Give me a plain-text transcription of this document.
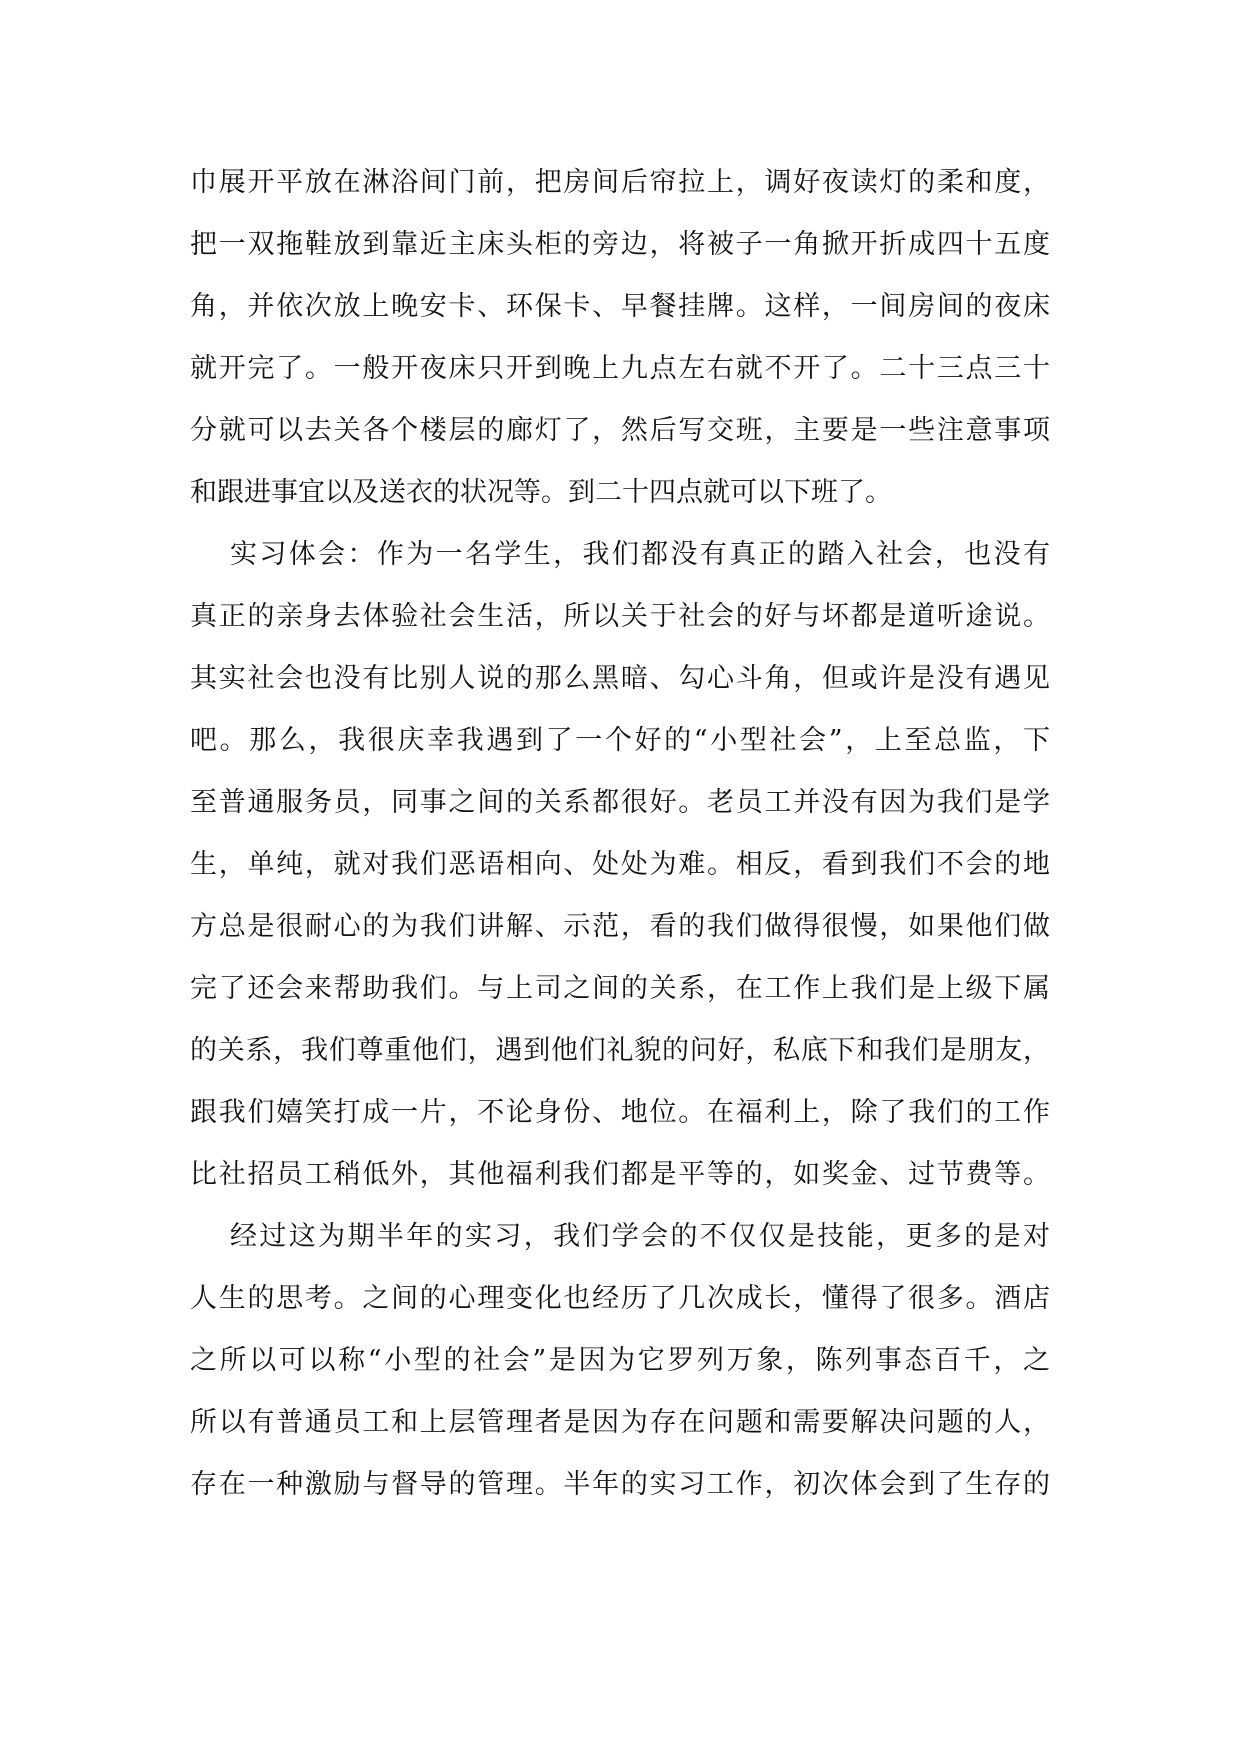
巾展开平放在淋浴间门前，把房间后帘拉上，调好夜读灯的柔和度，
把一双拖鞋放到靠近主床头柜的旁边，将被子一角掀开折成四十五度
角，并依次放上晚安卡、环保卡、早餐挂牌。这样，一间房间的夜床
就开完了。一般开夜床只开到晚上九点左右就不开了。二十三点三十
分就可以去关各个楼层的廊灯了，然后写交班，主要是一些注意事项
和跟进事宜以及送衣的状况等。到二十四点就可以下班了。
实习体会：作为一名学生，我们都没有真正的踏入社会，也没有
真正的亲身去体验社会生活，所以关于社会的好与坏都是道听途说。
其实社会也没有比别人说的那么黑暗、勾心斗角，但或许是没有遇见
吧。那么，我很庆幸我遇到了一个好的“小型社会”，上至总监，下
至普通服务员，同事之间的关系都很好。老员工并没有因为我们是学
生，单纯，就对我们恶语相向、处处为难。相反，看到我们不会的地
方总是很耐心的为我们讲解、示范，看的我们做得很慢，如果他们做
完了还会来帮助我们。与上司之间的关系，在工作上我们是上级下属
的关系，我们尊重他们，遇到他们礼貌的问好，私底下和我们是朋友，
跟我们嬉笑打成一片，不论身份、地位。在福利上，除了我们的工作
比社招员工稍低外，其他福利我们都是平等的，如奖金、过节费等。
经过这为期半年的实习，我们学会的不仅仅是技能，更多的是对
人生的思考。之间的心理变化也经历了几次成长，懂得了很多。酒店
之所以可以称“小型的社会”是因为它罗列万象，陈列事态百千，之
所以有普通员工和上层管理者是因为存在问题和需要解决问题的人，
存在一种激励与督导的管理。半年的实习工作，初次体会到了生存的
